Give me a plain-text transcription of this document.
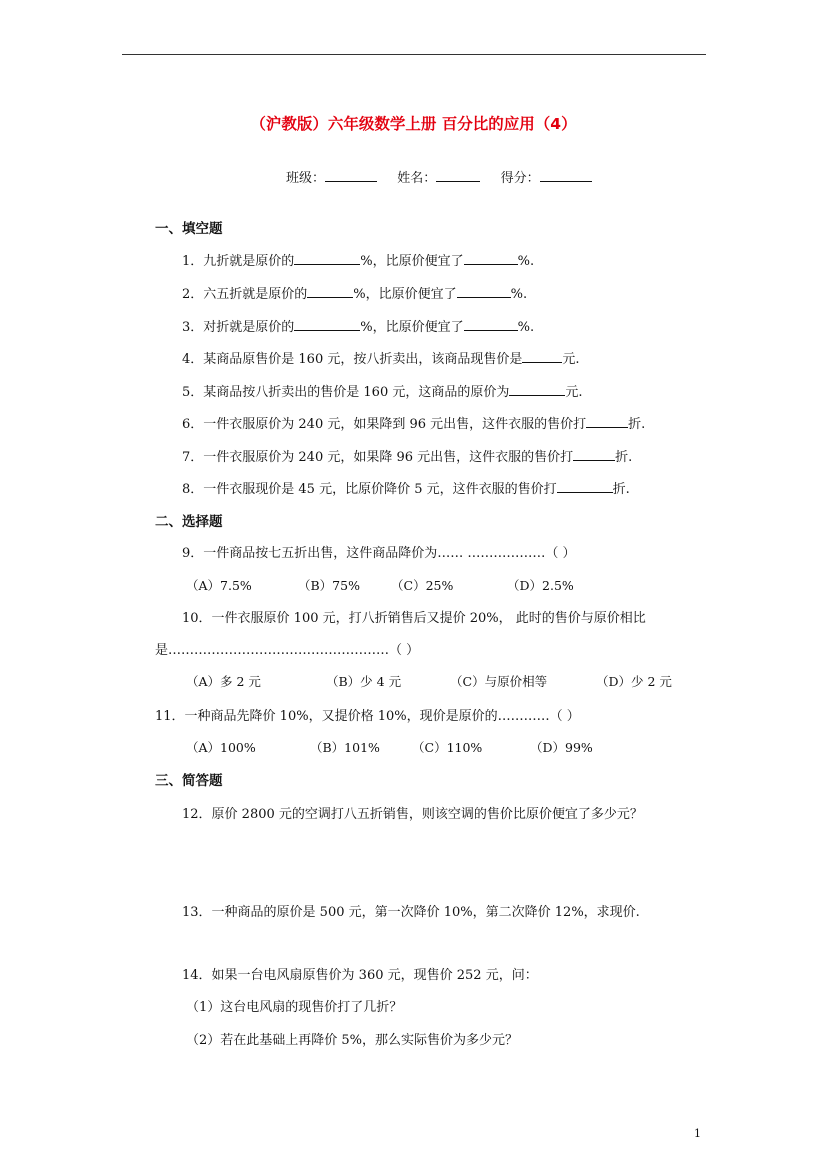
（沪教版）六年级数学上册 百分比的应用（4）
班级：	姓名：	得分：
一、填空题
1．九折就是原价的	%，比原价便宜了	%.
2．六五折就是原价的	%，比原价便宜了	%.
3．对折就是原价的	%，比原价便宜了	%.
4．某商品原售价是 160 元，按八折卖出，该商品现售价是	元.
5．某商品按八折卖出的售价是 160 元，这商品的原价为	元.
6．一件衣服原价为 240 元，如果降到 96 元出售，这件衣服的售价打	折.
7．一件衣服原价为 240 元，如果降 96 元出售，这件衣服的售价打	折.
8．一件衣服现价是 45 元，比原价降价 5 元，这件衣服的售价打	折.
二、选择题
9．一件商品按七五折出售，这件商品降价为…… ………………（ ）
（A）7.5%	（B）75% （C）25%	（D）2.5%
10．一件衣服原价 100 元，打八折销售后又提价 20%， 此时的售价与原价相比
是……………………………………………（ ）
（A）多 2 元	（B）少 4 元	（C）与原价相等	（D）少 2 元
11．一种商品先降价 10%，又提价格 10%，现价是原价的…………（ ）
（A）100%	（B）101%	（C）110%	（D）99%
三、简答题
12．原价 2800 元的空调打八五折销售，则该空调的售价比原价便宜了多少元？
13．一种商品的原价是 500 元，第一次降价 10%，第二次降价 12%，求现价.
14．如果一台电风扇原售价为 360 元，现售价 252 元，问：
（1）这台电风扇的现售价打了几折？
（2）若在此基础上再降价 5%，那么实际售价为多少元？
1
